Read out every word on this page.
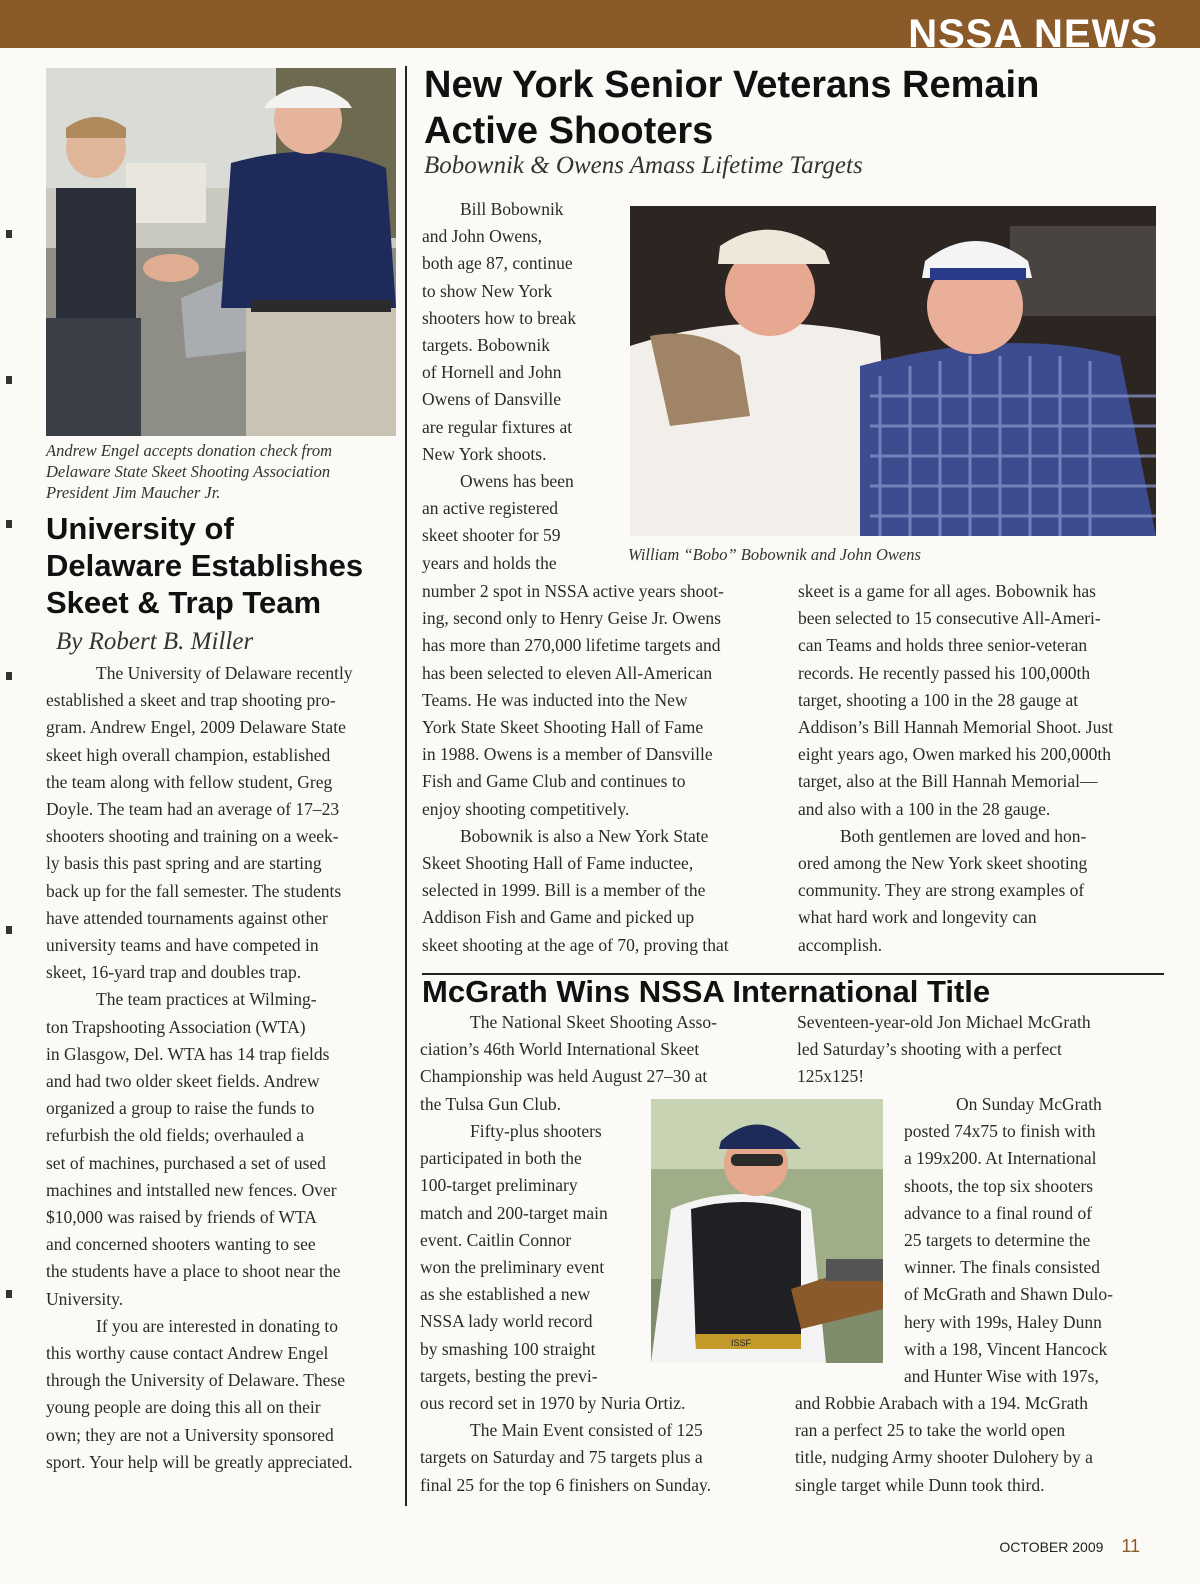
NSSA NEWS
Andrew Engel accepts donation check from Delaware State Skeet Shooting Association President Jim Maucher Jr.
University of
Delaware Establishes
Skeet & Trap Team
By Robert B. Miller
The University of Delaware recently
established a skeet and trap shooting pro-
gram. Andrew Engel, 2009 Delaware State
skeet high overall champion, established
the team along with fellow student, Greg
Doyle. The team had an average of 17–23
shooters shooting and training on a week-
ly basis this past spring and are starting
back up for the fall semester. The students
have attended tournaments against other
university teams and have competed in
skeet, 16-yard trap and doubles trap.
The team practices at Wilming-
ton Trapshooting Association (WTA)
in Glasgow, Del. WTA has 14 trap fields
and had two older skeet fields. Andrew
organized a group to raise the funds to
refurbish the old fields; overhauled a
set of machines, purchased a set of used
machines and intstalled new fences. Over
$10,000 was raised by friends of WTA
and concerned shooters wanting to see
the students have a place to shoot near the
University.
If you are interested in donating to
this worthy cause contact Andrew Engel
through the University of Delaware. These
young people are doing this all on their
own; they are not a University sponsored
sport. Your help will be greatly appreciated.
New York Senior Veterans Remain
Active Shooters
Bobownik & Owens Amass Lifetime Targets
William “Bobo” Bobownik and John Owens
Bill Bobownik
and John Owens,
both age 87, continue
to show New York
shooters how to break
targets. Bobownik
of Hornell and John
Owens of Dansville
are regular fixtures at
New York shoots.
Owens has been
an active registered
skeet shooter for 59
years and holds the
number 2 spot in NSSA active years shoot-
ing, second only to Henry Geise Jr. Owens
has more than 270,000 lifetime targets and
has been selected to eleven All-American
Teams. He was inducted into the New
York State Skeet Shooting Hall of Fame
in 1988. Owens is a member of Dansville
Fish and Game Club and continues to
enjoy shooting competitively.
Bobownik is also a New York State
Skeet Shooting Hall of Fame inductee,
selected in 1999. Bill is a member of the
Addison Fish and Game and picked up
skeet shooting at the age of 70, proving that
skeet is a game for all ages. Bobownik has
been selected to 15 consecutive All-Ameri-
can Teams and holds three senior-veteran
records. He recently passed his 100,000th
target, shooting a 100 in the 28 gauge at
Addison’s Bill Hannah Memorial Shoot. Just
eight years ago, Owen marked his 200,000th
target, also at the Bill Hannah Memorial—
and also with a 100 in the 28 gauge.
Both gentlemen are loved and hon-
ored among the New York skeet shooting
community. They are strong examples of
what hard work and longevity can
accomplish.
McGrath Wins NSSA International Title
ISSF
The National Skeet Shooting Asso-
ciation’s 46th World International Skeet
Championship was held August 27–30 at
the Tulsa Gun Club.
Fifty-plus shooters
participated in both the
100-target preliminary
match and 200-target main
event. Caitlin Connor
won the preliminary event
as she established a new
NSSA lady world record
by smashing 100 straight
targets, besting the previ-
ous record set in 1970 by Nuria Ortiz.
The Main Event consisted of 125
targets on Saturday and 75 targets plus a
final 25 for the top 6 finishers on Sunday.
Seventeen-year-old Jon Michael McGrath
led Saturday’s shooting with a perfect
125x125!
On Sunday McGrath
posted 74x75 to finish with
a 199x200. At International
shoots, the top six shooters
advance to a final round of
25 targets to determine the
winner. The finals consisted
of McGrath and Shawn Dulo-
hery with 199s, Haley Dunn
with a 198, Vincent Hancock
and Hunter Wise with 197s,
and Robbie Arabach with a 194. McGrath
ran a perfect 25 to take the world open
title, nudging Army shooter Dulohery by a
single target while Dunn took third.
OCTOBER 2009 11
